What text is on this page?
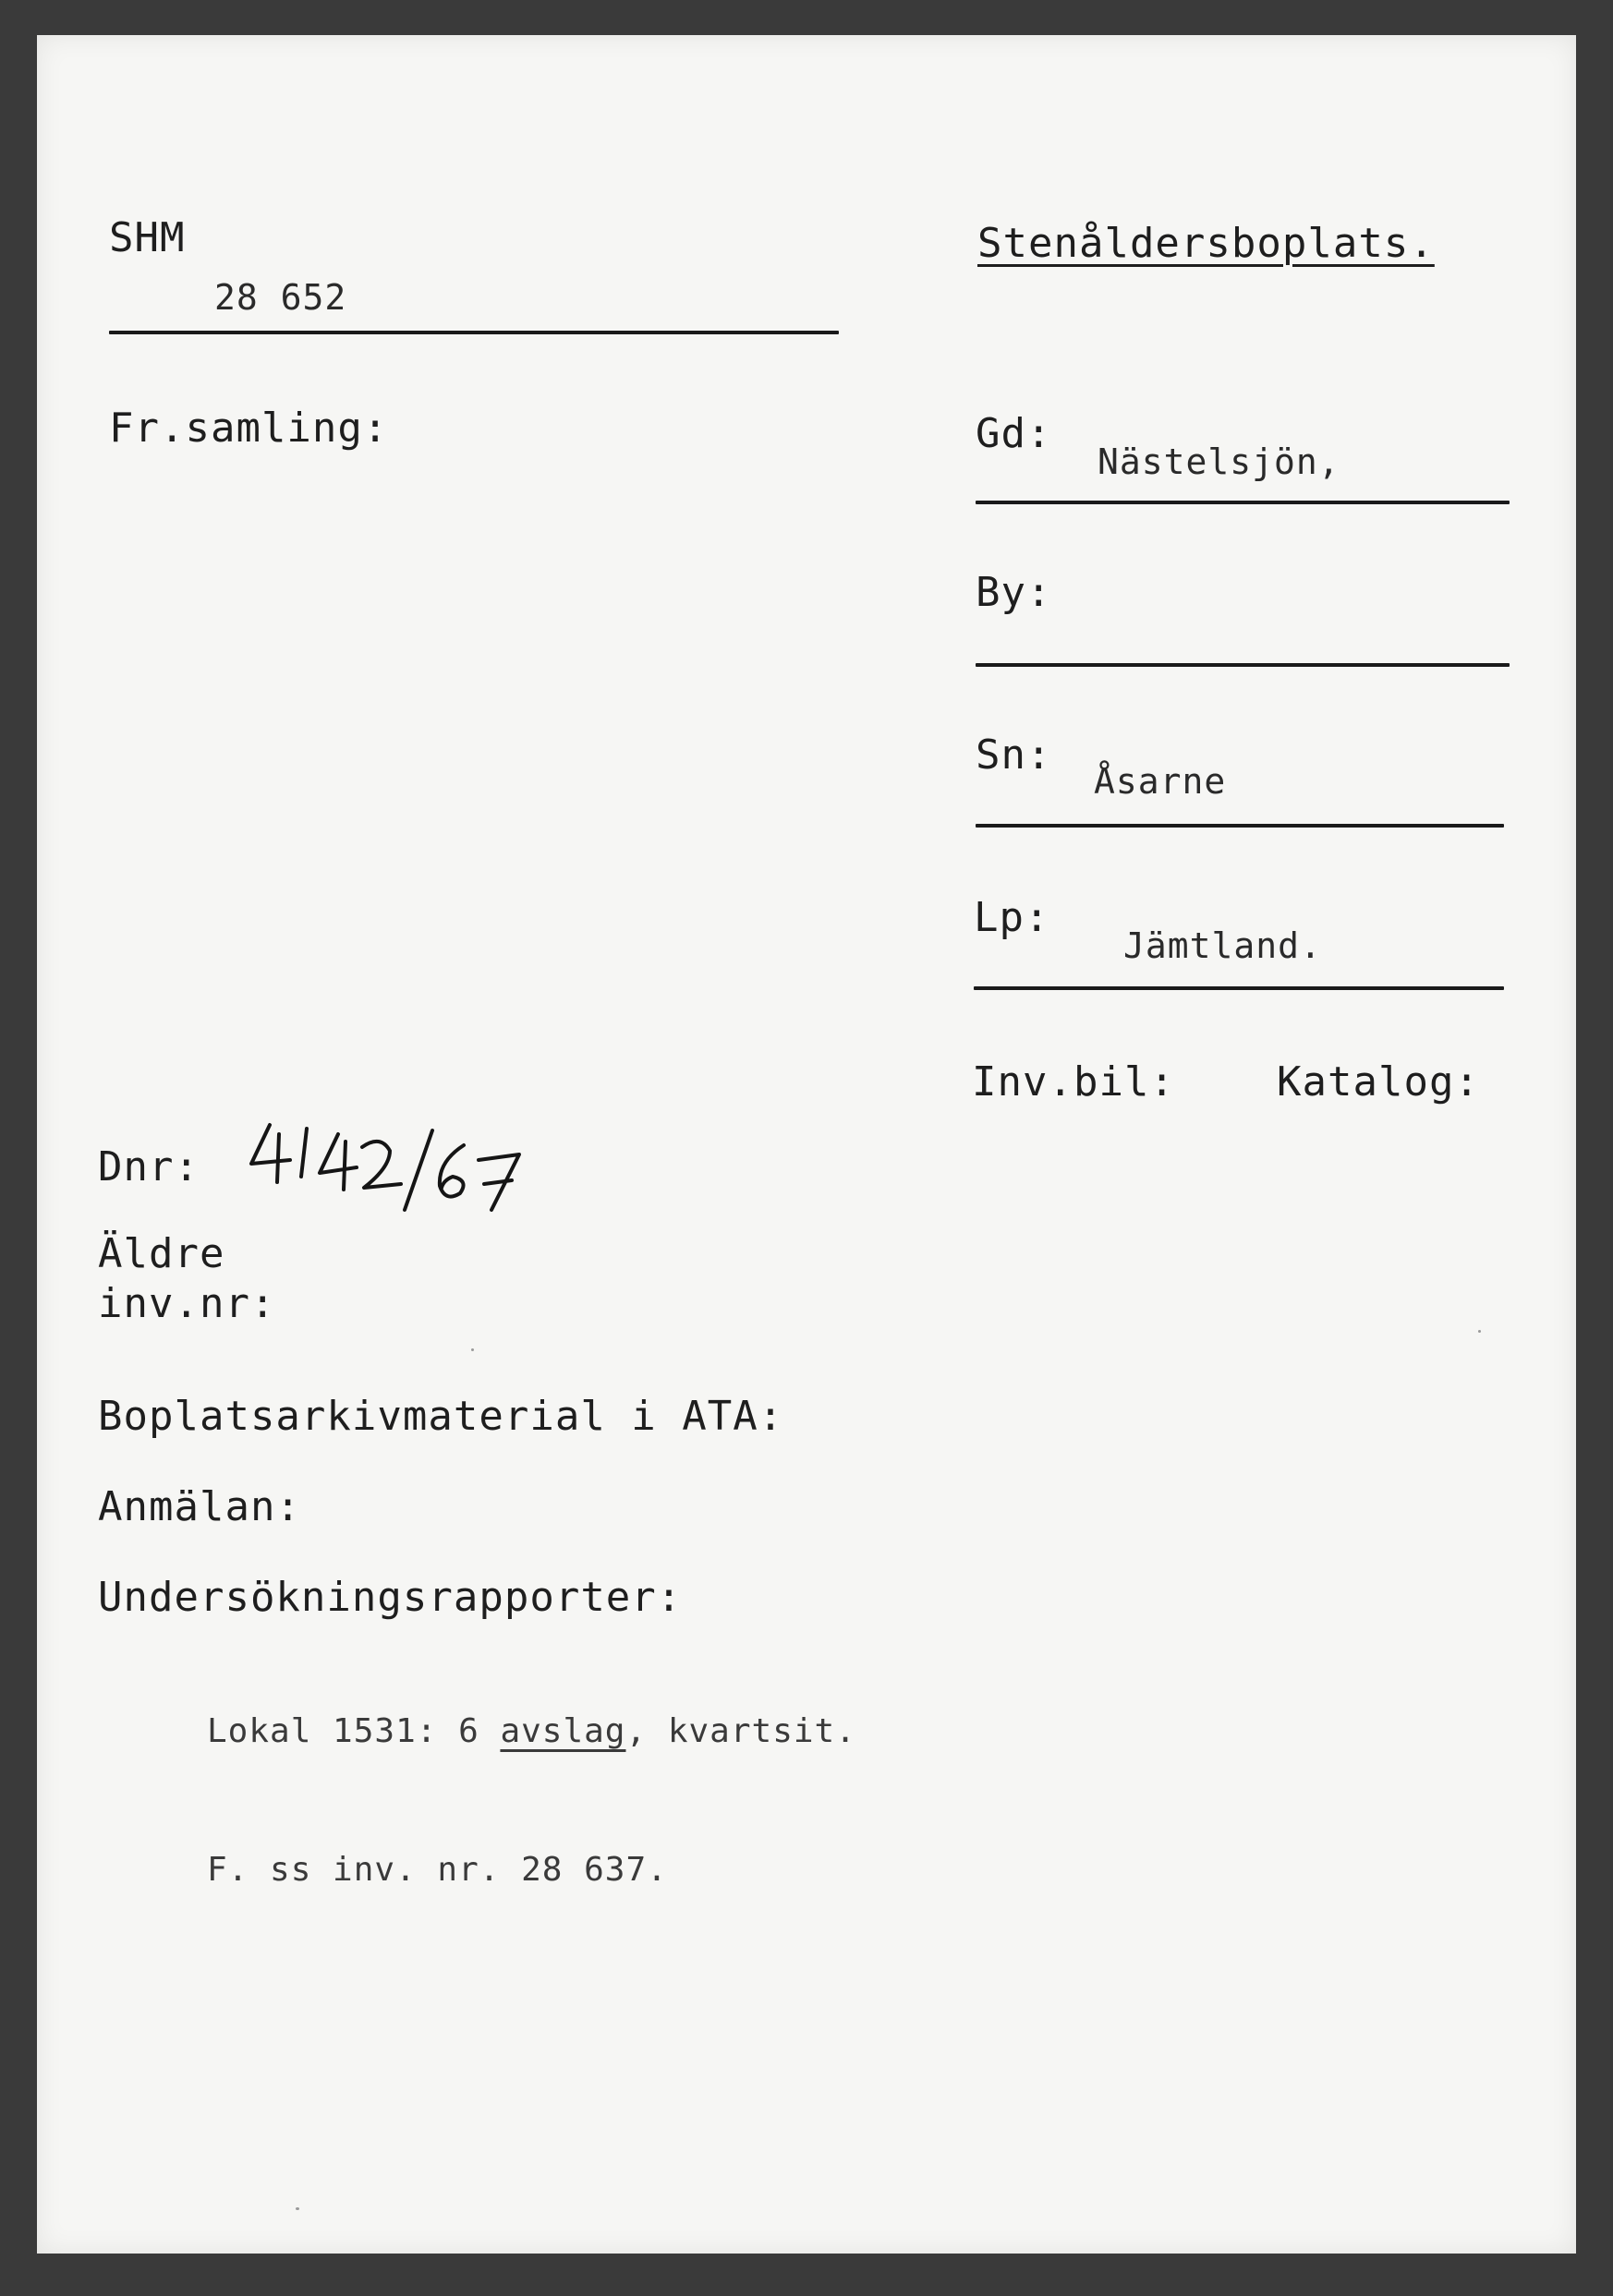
SHM
28 652
Stenåldersboplats.
Fr.samling:	Gd:
Nästelsjön,
By:
Sn:
Åsarne
Lp:
Jämtland.
Inv.bil:	Katalog:
Dnr:
Äldre
inv.nr:
Boplatsarkivmaterial i ATA:
Anmälan:
Undersökningsrapporter:
Lokal 1531: 6 avslag, kvartsit.
F. ss inv. nr. 28 637.
